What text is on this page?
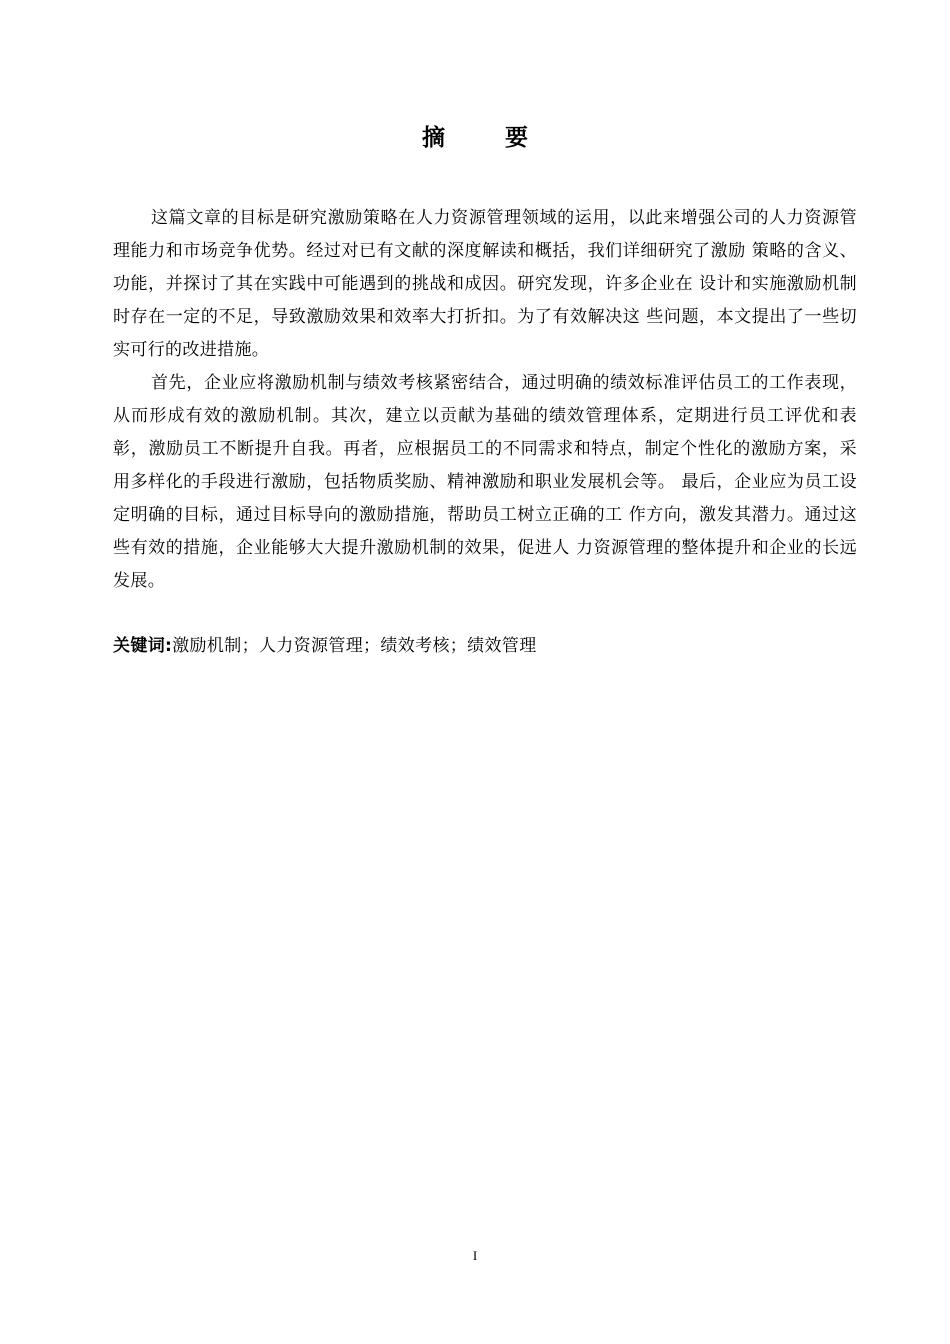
摘 要

这篇文章的目标是研究激励策略在人力资源管理领域的运用，以此来增强公司的人力资源管理能力和市场竞争优势。经过对已有文献的深度解读和概括，我们详细研究了激励 策略的含义、功能，并探讨了其在实践中可能遇到的挑战和成因。研究发现，许多企业在 设计和实施激励机制时存在一定的不足，导致激励效果和效率大打折扣。为了有效解决这 些问题，本文提出了一些切实可行的改进措施。

首先，企业应将激励机制与绩效考核紧密结合，通过明确的绩效标准评估员工的工作表现，从而形成有效的激励机制。其次，建立以贡献为基础的绩效管理体系，定期进行员工评优和表彰，激励员工不断提升自我。再者，应根据员工的不同需求和特点，制定个性化的激励方案，采用多样化的手段进行激励，包括物质奖励、精神激励和职业发展机会等。 最后，企业应为员工设定明确的目标，通过目标导向的激励措施，帮助员工树立正确的工 作方向，激发其潜力。通过这些有效的措施，企业能够大大提升激励机制的效果，促进人 力资源管理的整体提升和企业的长远发展。

关键词:激励机制；人力资源管理；绩效考核；绩效管理
I
